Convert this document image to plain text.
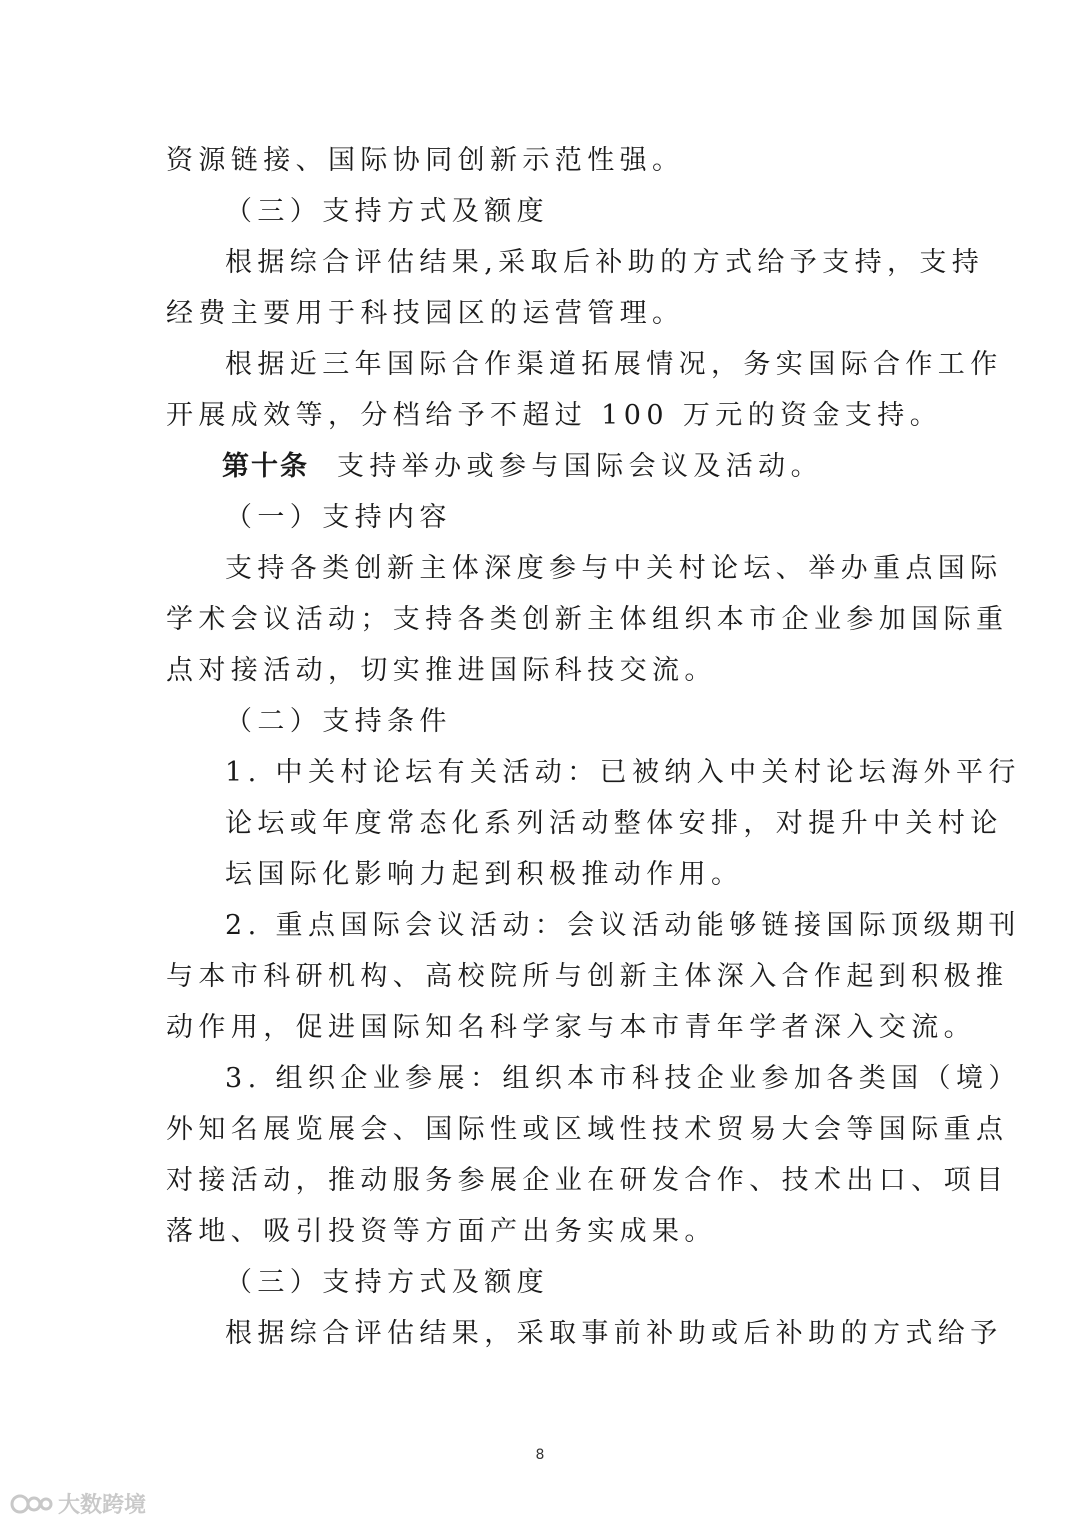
资源链接、国际协同创新示范性强。
（三）支持方式及额度
根据综合评估结果,采取后补助的方式给予支持，支持
经费主要用于科技园区的运营管理。
根据近三年国际合作渠道拓展情况，务实国际合作工作
开展成效等，分档给予不超过 100 万元的资金支持。
第十条 支持举办或参与国际会议及活动。
（一）支持内容
支持各类创新主体深度参与中关村论坛、举办重点国际
学术会议活动；支持各类创新主体组织本市企业参加国际重
点对接活动，切实推进国际科技交流。
（二）支持条件
1. 中关村论坛有关活动：已被纳入中关村论坛海外平行
论坛或年度常态化系列活动整体安排，对提升中关村论
坛国际化影响力起到积极推动作用。
2. 重点国际会议活动：会议活动能够链接国际顶级期刊
与本市科研机构、高校院所与创新主体深入合作起到积极推
动作用，促进国际知名科学家与本市青年学者深入交流。
3. 组织企业参展：组织本市科技企业参加各类国（境）
外知名展览展会、国际性或区域性技术贸易大会等国际重点
对接活动，推动服务参展企业在研发合作、技术出口、项目
落地、吸引投资等方面产出务实成果。
（三）支持方式及额度
根据综合评估结果，采取事前补助或后补助的方式给予
8
大数跨境
